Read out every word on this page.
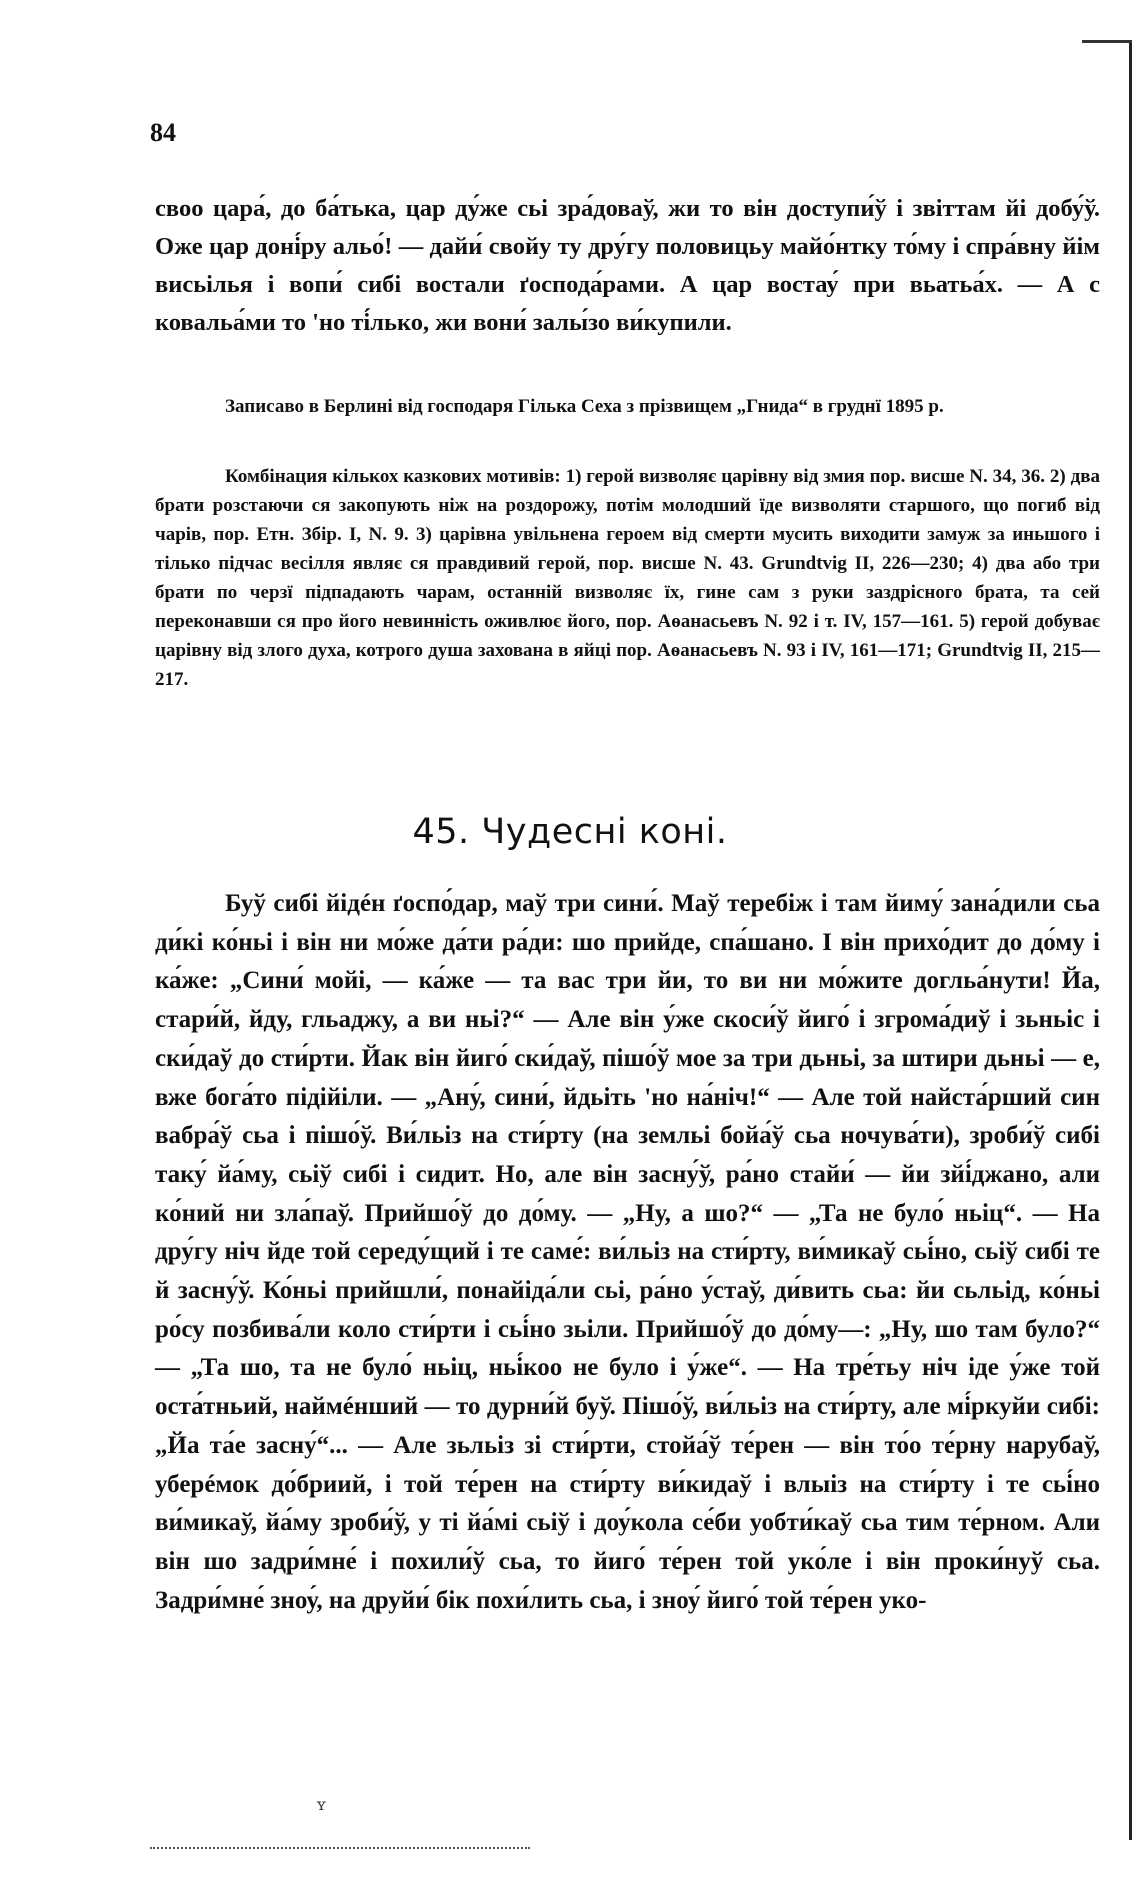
84

своо цара́, до ба́тька, цар ду́же сьі зра́доваў, жи то він доступи́ў і звіттам йі добу́ў. Оже цар доні́ру альо́! — дайи́ свойу ту дру́гу половицьу майо́нтку то́му і спра́вну йім висьілья і вопи́ сибі востали ґоспода́рами. А цар востау́ при вьатьа́х. — А с ковальа́ми то 'но ті́лько, жи вони́ залы́зо ви́купили.

Записаво в Берлині від господаря Гілька Сеха з прізвищем „Гнида“ в груднї 1895 р.

Комбінация кількох казкових мотивів: 1) герой визволяє царівну від змия пор. висше N. 34, 36. 2) два брати розстаючи ся закопують ніж на роздорожу, потім молодший їде визволяти старшого, що погиб від чарів, пор. Етн. Збір. I, N. 9. 3) царівна увільнена героем від смерти мусить виходити замуж за иньшого і тілько підчас весілля являє ся правдивий герой, пор. висше N. 43. Grundtvig II, 226—230; 4) два або три брати по черзї підпадають чарам, останній визволяє їх, гине сам з руки заздрісного брата, та сей переконавши ся про його невинність оживлює його, пор. Аѳанасьевъ N. 92 і т. IV, 157—161. 5) герой добуває царівну від злого духа, котрого душа захована в яйці пор. Аѳанасьевъ N. 93 і IV, 161—171; Grundtvig II, 215—217.

45. Чудесні коні.

Буў сибі йідéн ґоспо́дар, маў три сини́. Маў теребіж і там йиму́ зана́дили сьа ди́кі ко́ньі і він ни мо́же да́ти ра́ди: шо прийде, спа́шано. І він прихо́дит до до́му і ка́же: „Сини́ мойі, — ка́же — та вас три йи, то ви ни мо́жите догльа́нути! Йа, стари́й, йду, гльаджу, а ви ньі?“ — Але він у́же скоси́ў йиго́ і згрома́диў і зьньіс і ски́даў до сти́рти. Йак він йиго́ ски́даў, пішо́ў мое за три дьньі, за штири дьньі — е, вже бога́то підійіли. — „Ану́, сини́, йдьіть 'но на́ніч!“ — Але той найста́рший син вабра́ў сьа і пішо́ў. Ви́льіз на сти́рту (на земльі бойа́ў сьа ночува́ти), зроби́ў сибі таку́ йа́му, сьіў сибі і сидит. Но, але він засну́ў, ра́но стайи́ — йи зйі́джано, али ко́ний ни зла́паў. Прийшо́ў до до́му. — „Ну, а шо?“ — „Та не було́ ньіц“. — На дру́гу ніч йде той середу́щий і те саме́: ви́льіз на сти́рту, ви́микаў сьі́но, сьіў сибі те й засну́ў. Ко́ньі прийшли́, понайіда́ли сьі, ра́но у́стаў, ди́вить сьа: йи сьльід, ко́ньі ро́су позбива́ли коло сти́рти і сьі́но зьіли. Прийшо́ў до до́му—: „Ну, шо там було?“ — „Та шо, та не було́ ньіц, ньі́коо не було і у́же“. — На тре́тьу ніч іде у́же той оста́тньий, наймéнший — то дурни́й буў. Пішо́ў, ви́льіз на сти́рту, але мі́ркуйи сибі: „Йа та́е засну́“... — Але зьльіз зі сти́рти, стойа́ў те́рен — він то́о те́рну нарубаў, уберéмок до́бриий, і той те́рен на сти́рту ви́кидаў і влыіз на сти́рту і те сьі́но ви́микаў, йа́му зроби́ў, у ті йа́мі сьіў і доу́кола се́би уобти́каў сьа тим те́рном. Али він шо задри́мне́ і похили́ў сьа, то йиго́ те́рен той уко́ле і він проки́нуў сьа. Задри́мне́ зноу́, на друйи́ бік похи́лить сьа, і зноу́ йиго́ той те́рен уко-

ʏ
